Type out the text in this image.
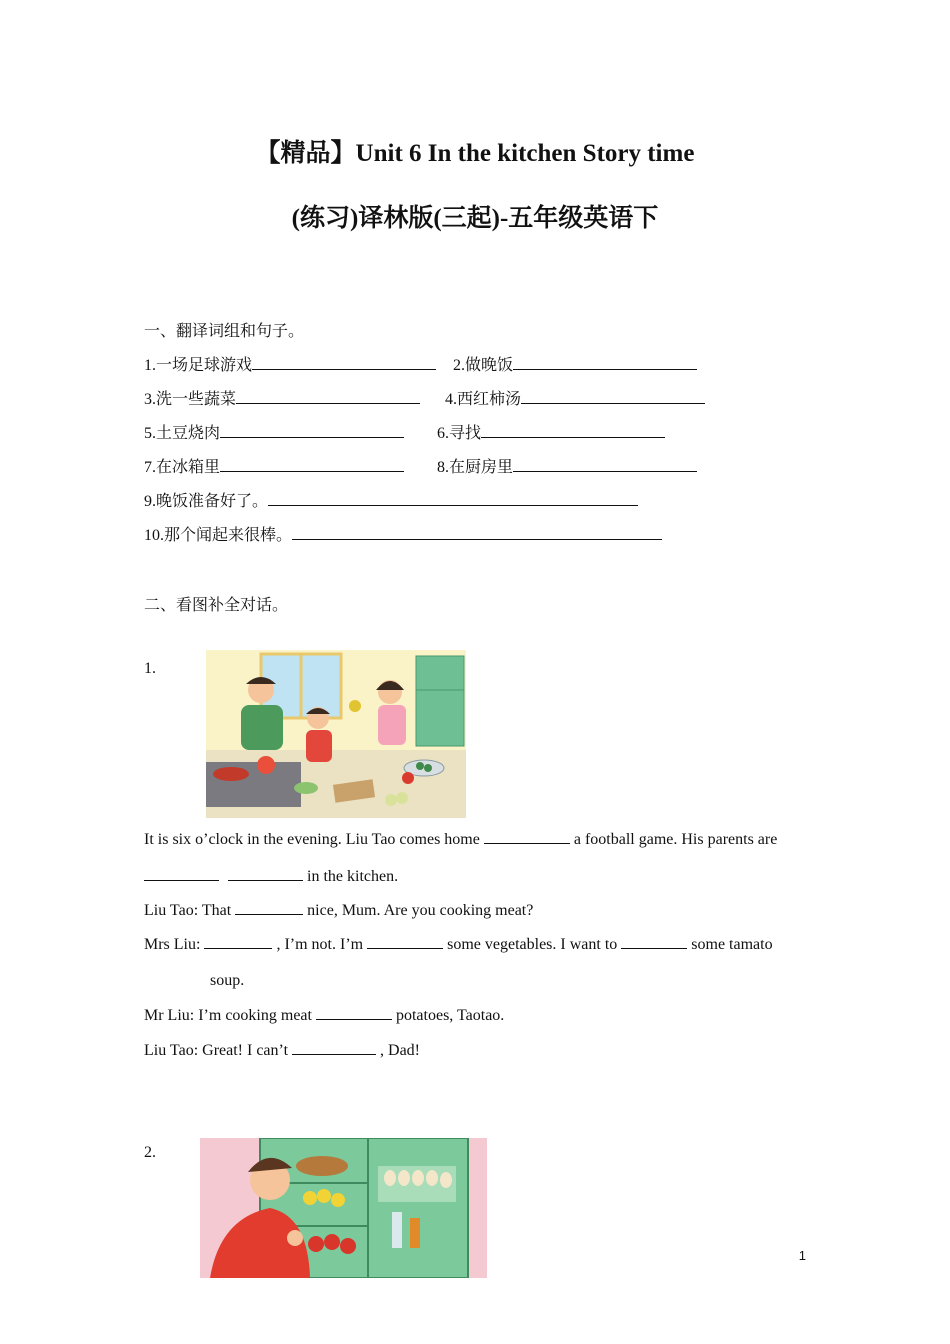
【精品】Unit 6 In the kitchen Story time
(练习)译林版(三起)-五年级英语下
一、翻译词组和句子。
1.一场足球游戏	2.做晚饭
3.洗一些蔬菜	4.西红柿汤
5.土豆烧肉	6.寻找
7.在冰箱里	8.在厨房里
9.晚饭准备好了。
10.那个闻起来很棒。
二、看图补全对话。
1.
It is six o’clock in the evening. Liu Tao comes home	a football game. His parents are
in the kitchen.
Liu Tao: That	nice, Mum. Are you cooking meat?
Mrs Liu:	, I’m not. I’m	some vegetables. I want to	some tamato
soup.
Mr Liu: I’m cooking meat	potatoes, Taotao.
Liu Tao: Great! I can’t	, Dad!
2.
1
